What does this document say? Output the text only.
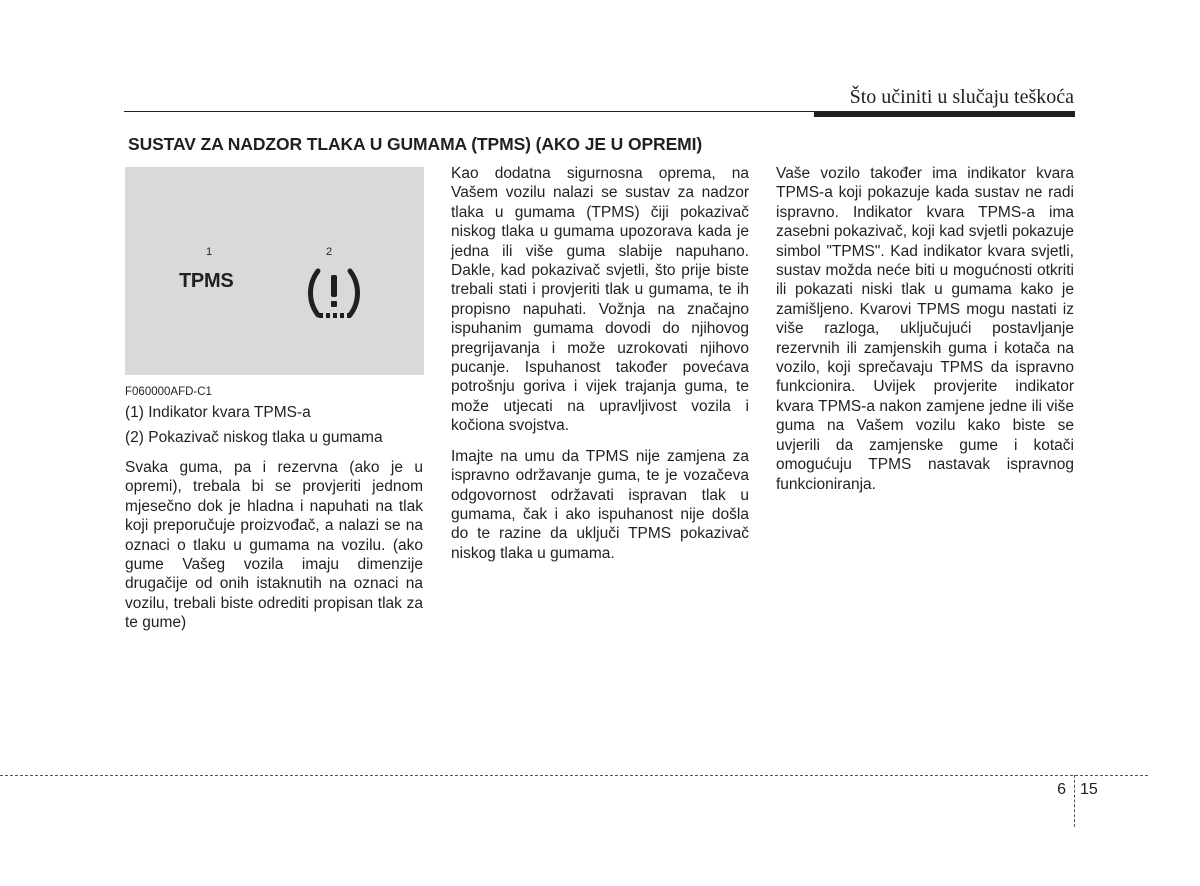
Što učiniti u slučaju teškoća
SUSTAV ZA NADZOR TLAKA U GUMAMA (TPMS) (AKO JE U OPREMI)
1	2
TPMS
F060000AFD-C1
(1) Indikator kvara TPMS-a
(2) Pokazivač niskog tlaka u gumama

Svaka guma, pa i rezervna (ako je u opremi), trebala bi se provjeriti jednom mjesečno dok je hladna i napuhati na tlak koji preporučuje proizvođač, a nalazi se na oznaci o tlaku u gumama na vozilu. (ako gume Vašeg vozila imaju dimenzije drugačije od onih istaknutih na oznaci na vozilu, trebali biste odrediti propisan tlak za te gume)

Kao dodatna sigurnosna oprema, na Vašem vozilu nalazi se sustav za nadzor tlaka u gumama (TPMS) čiji pokazivač niskog tlaka u gumama upozorava kada je jedna ili više guma slabije napuhano. Dakle, kad pokazivač svjetli, što prije biste trebali stati i provjeriti tlak u gumama, te ih propisno napuhati. Vožnja na značajno ispuhanim gumama dovodi do njihovog pregrijavanja i može uzrokovati njihovo pucanje. Ispuhanost također povećava potrošnju goriva i vijek trajanja guma, te može utjecati na upravljivost vozila i kočiona svojstva.

Imajte na umu da TPMS nije zamjena za ispravno održavanje guma, te je vozačeva odgovornost održavati ispravan tlak u gumama, čak i ako ispuhanost nije došla do te razine da uključi TPMS pokazivač niskog tlaka u gumama.

Vaše vozilo također ima indikator kvara TPMS-a koji pokazuje kada sustav ne radi ispravno. Indikator kvara TPMS-a ima zasebni pokazivač, koji kad svjetli pokazuje simbol "TPMS". Kad indikator kvara svjetli, sustav možda neće biti u mogućnosti otkriti ili pokazati niski tlak u gumama kako je zamišljeno. Kvarovi TPMS mogu nastati iz više razloga, uključujući postavljanje rezervnih ili zamjenskih guma i kotača na vozilo, koji sprečavaju TPMS da ispravno funkcionira. Uvijek provjerite indikator kvara TPMS-a nakon zamjene jedne ili više guma na Vašem vozilu kako biste se uvjerili da zamjenske gume i kotači omogućuju TPMS nastavak ispravnog funkcioniranja.

6 15
